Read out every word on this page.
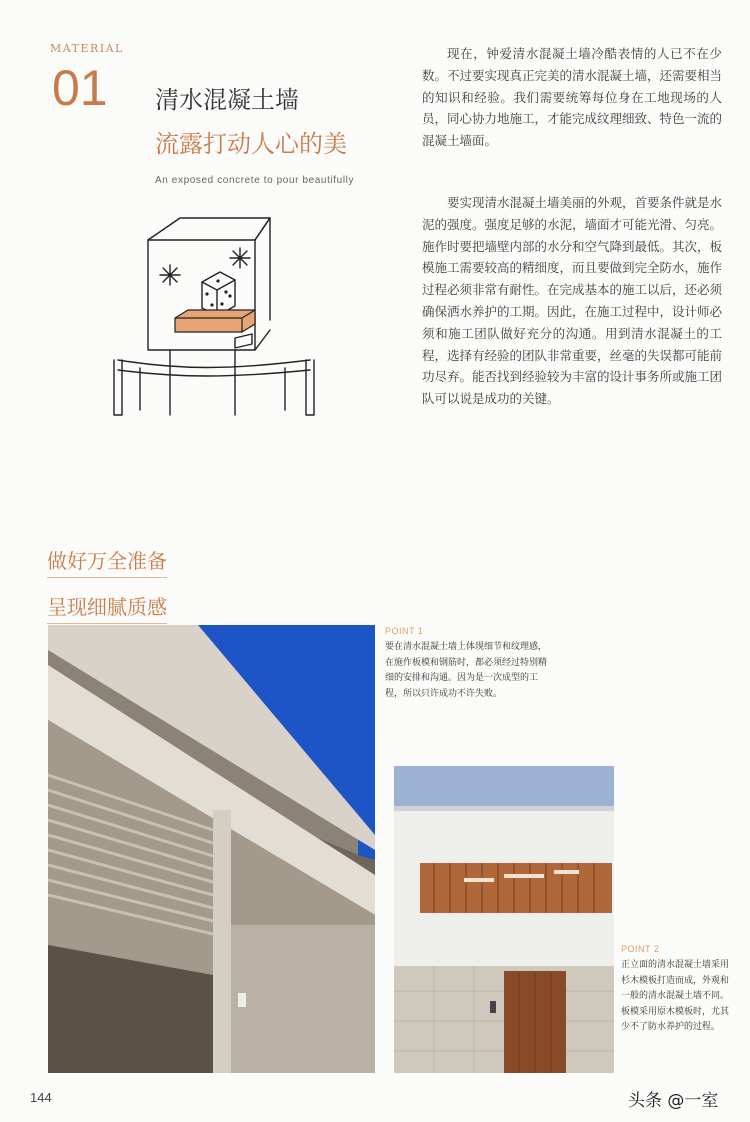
MATERIAL
01 清水混凝土墙
流露打动人心的美
An exposed concrete to pour beautifully

现在，钟爱清水混凝土墙冷酷表情的人已不在少数。不过要实现真正完美的清水混凝土墙，还需要相当的知识和经验。我们需要统筹每位身在工地现场的人员，同心协力地施工，才能完成纹理细致、特色一流的混凝土墙面。

要实现清水混凝土墙美丽的外观，首要条件就是水泥的强度。强度足够的水泥，墙面才可能光滑、匀亮。施作时要把墙壁内部的水分和空气降到最低。其次，板模施工需要较高的精细度，而且要做到完全防水，施作过程必须非常有耐性。在完成基本的施工以后，还必须确保洒水养护的工期。因此，在施工过程中，设计师必须和施工团队做好充分的沟通。用到清水混凝土的工程，选择有经验的团队非常重要，丝毫的失误都可能前功尽弃。能否找到经验较为丰富的设计事务所或施工团队可以说是成功的关键。

做好万全准备
呈现细腻质感
POINT 1
要在清水混凝土墙上体现细节和纹理感，在施作板模和钢筋时，都必须经过特别精细的安排和沟通。因为是一次成型的工程，所以只许成功不许失败。
POINT 2
正立面的清水混凝土墙采用杉木模板打造而成，外观和一般的清水混凝土墙不同。板模采用原木模板时，尤其少不了防水养护的过程。
144	头条 @一室
